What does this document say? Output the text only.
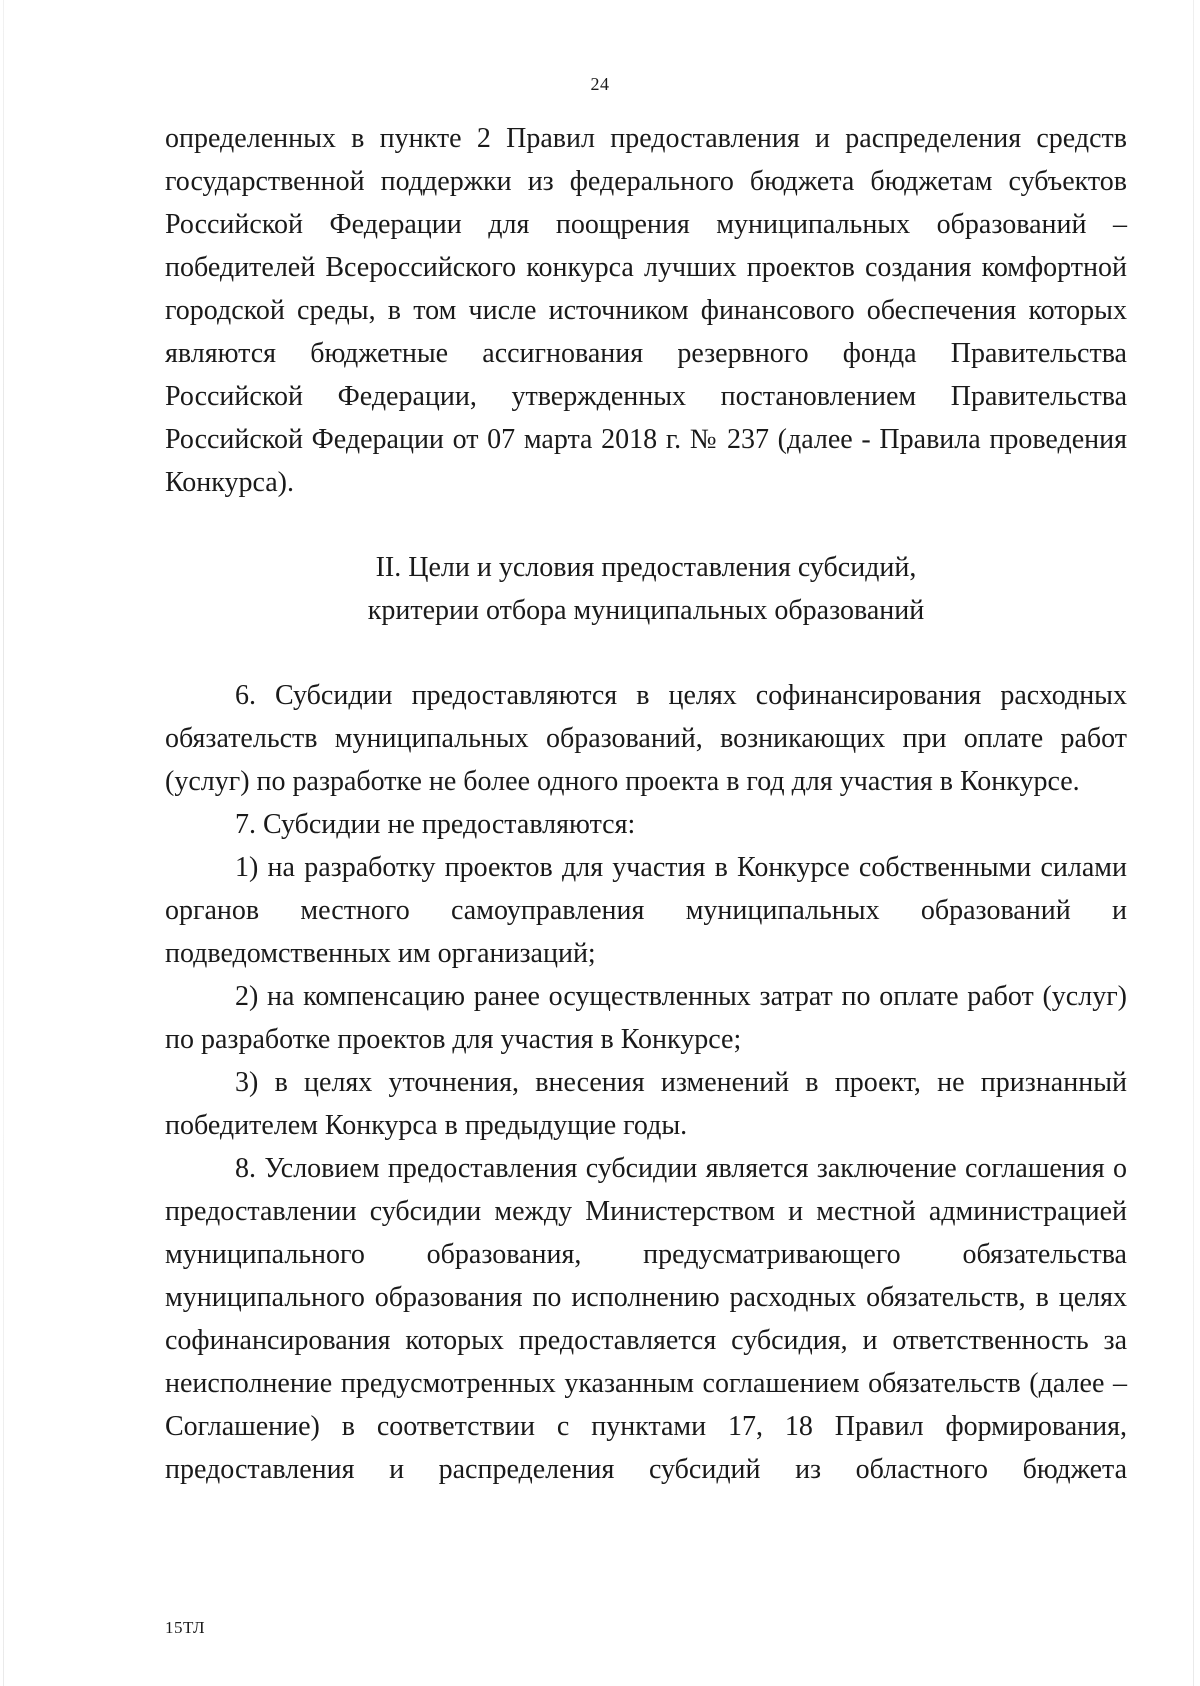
24

определенных в пункте 2 Правил предоставления и распределения средств государственной поддержки из федерального бюджета бюджетам субъектов Российской Федерации для поощрения муниципальных образований – победителей Всероссийского конкурса лучших проектов создания комфортной городской среды, в том числе источником финансового обеспечения которых являются бюджетные ассигнования резервного фонда Правительства Российской Федерации, утвержденных постановлением Правительства Российской Федерации от 07 марта 2018 г. № 237 (далее - Правила проведения Конкурса).

II. Цели и условия предоставления субсидий,
критерии отбора муниципальных образований

6. Субсидии предоставляются в целях софинансирования расходных обязательств муниципальных образований, возникающих при оплате работ (услуг) по разработке не более одного проекта в год для участия в Конкурсе.

7. Субсидии не предоставляются:

1) на разработку проектов для участия в Конкурсе собственными силами органов местного самоуправления муниципальных образований и подведомственных им организаций;

2) на компенсацию ранее осуществленных затрат по оплате работ (услуг) по разработке проектов для участия в Конкурсе;

3) в целях уточнения, внесения изменений в проект, не признанный победителем Конкурса в предыдущие годы.

8. Условием предоставления субсидии является заключение соглашения о предоставлении субсидии между Министерством и местной администрацией муниципального образования, предусматривающего обязательства муниципального образования по исполнению расходных обязательств, в целях софинансирования которых предоставляется субсидия, и ответственность за неисполнение предусмотренных указанным соглашением обязательств (далее – Соглашение) в соответствии с пунктами 17, 18 Правил формирования, предоставления и распределения субсидий из областного бюджета

15ТЛ
